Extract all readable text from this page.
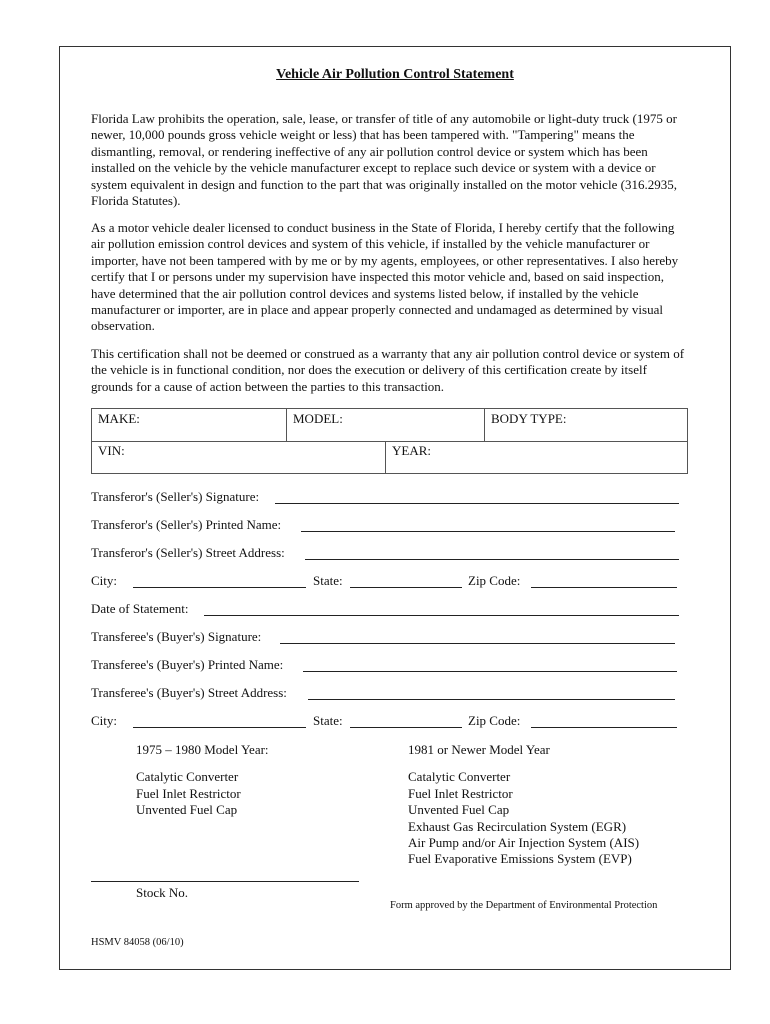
Vehicle Air Pollution Control Statement

Florida Law prohibits the operation, sale, lease, or transfer of title of any automobile or light-duty truck (1975 or newer, 10,000 pounds gross vehicle weight or less) that has been tampered with. "Tampering" means the dismantling, removal, or rendering ineffective of any air pollution control device or system which has been installed on the vehicle by the vehicle manufacturer except to replace such device or system with a device or system equivalent in design and function to the part that was originally installed on the motor vehicle (316.2935, Florida Statutes).

As a motor vehicle dealer licensed to conduct business in the State of Florida, I hereby certify that the following air pollution emission control devices and system of this vehicle, if installed by the vehicle manufacturer or importer, have not been tampered with by me or by my agents, employees, or other representatives. I also hereby certify that I or persons under my supervision have inspected this motor vehicle and, based on said inspection, have determined that the air pollution control devices and systems listed below, if installed by the vehicle manufacturer or importer, are in place and appear properly connected and undamaged as determined by visual observation.

This certification shall not be deemed or construed as a warranty that any air pollution control device or system of the vehicle is in functional condition, nor does the execution or delivery of this certification create by itself grounds for a cause of action between the parties to this transaction.

MAKE:	MODEL:	BODY TYPE:
VIN:	YEAR:
Transferor's (Seller's) Signature:
Transferor's (Seller's) Printed Name:
Transferor's (Seller's) Street Address:
City:	State:	Zip Code:
Date of Statement:
Transferee's (Buyer's) Signature:
Transferee's (Buyer's) Printed Name:
Transferee's (Buyer's) Street Address:
City:	State:	Zip Code:
1975 – 1980 Model Year:
Catalytic Converter
Fuel Inlet Restrictor
Unvented Fuel Cap
1981 or Newer Model Year
Catalytic Converter
Fuel Inlet Restrictor
Unvented Fuel Cap
Exhaust Gas Recirculation System (EGR)
Air Pump and/or Air Injection System (AIS)
Fuel Evaporative Emissions System (EVP)
Stock No.
Form approved by the Department of Environmental Protection
HSMV 84058 (06/10)
